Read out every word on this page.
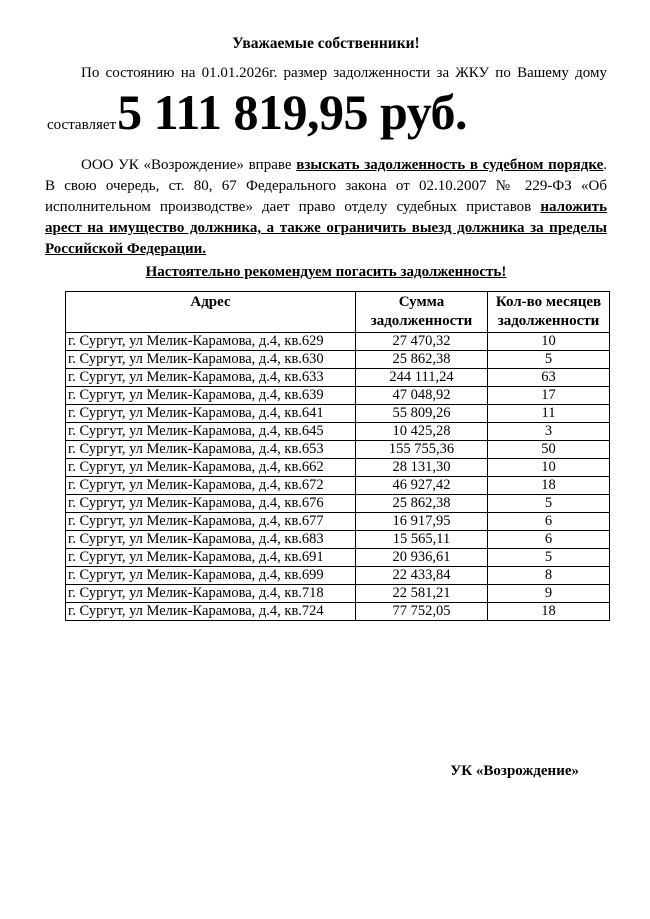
Уважаемые собственники!

По состоянию на 01.01.2026г. размер задолженности за ЖКУ по Вашему дому

составляет 5 111 819,95 руб.

ООО УК «Возрождение» вправе взыскать задолженность в судебном порядке. В свою очередь, ст. 80, 67 Федерального закона от 02.10.2007 № 229-ФЗ «Об исполнительном производстве» дает право отделу судебных приставов наложить арест на имущество должника, а также ограничить выезд должника за пределы Российской Федерации.

Настоятельно рекомендуем погасить задолженность!

Адрес	Сумма задолженности	Кол-во месяцев задолженности
г. Сургут, ул Мелик-Карамова, д.4, кв.629	27 470,32	10
г. Сургут, ул Мелик-Карамова, д.4, кв.630	25 862,38	5
г. Сургут, ул Мелик-Карамова, д.4, кв.633	244 111,24	63
г. Сургут, ул Мелик-Карамова, д.4, кв.639	47 048,92	17
г. Сургут, ул Мелик-Карамова, д.4, кв.641	55 809,26	11
г. Сургут, ул Мелик-Карамова, д.4, кв.645	10 425,28	3
г. Сургут, ул Мелик-Карамова, д.4, кв.653	155 755,36	50
г. Сургут, ул Мелик-Карамова, д.4, кв.662	28 131,30	10
г. Сургут, ул Мелик-Карамова, д.4, кв.672	46 927,42	18
г. Сургут, ул Мелик-Карамова, д.4, кв.676	25 862,38	5
г. Сургут, ул Мелик-Карамова, д.4, кв.677	16 917,95	6
г. Сургут, ул Мелик-Карамова, д.4, кв.683	15 565,11	6
г. Сургут, ул Мелик-Карамова, д.4, кв.691	20 936,61	5
г. Сургут, ул Мелик-Карамова, д.4, кв.699	22 433,84	8
г. Сургут, ул Мелик-Карамова, д.4, кв.718	22 581,21	9
г. Сургут, ул Мелик-Карамова, д.4, кв.724	77 752,05	18
УК «Возрождение»
